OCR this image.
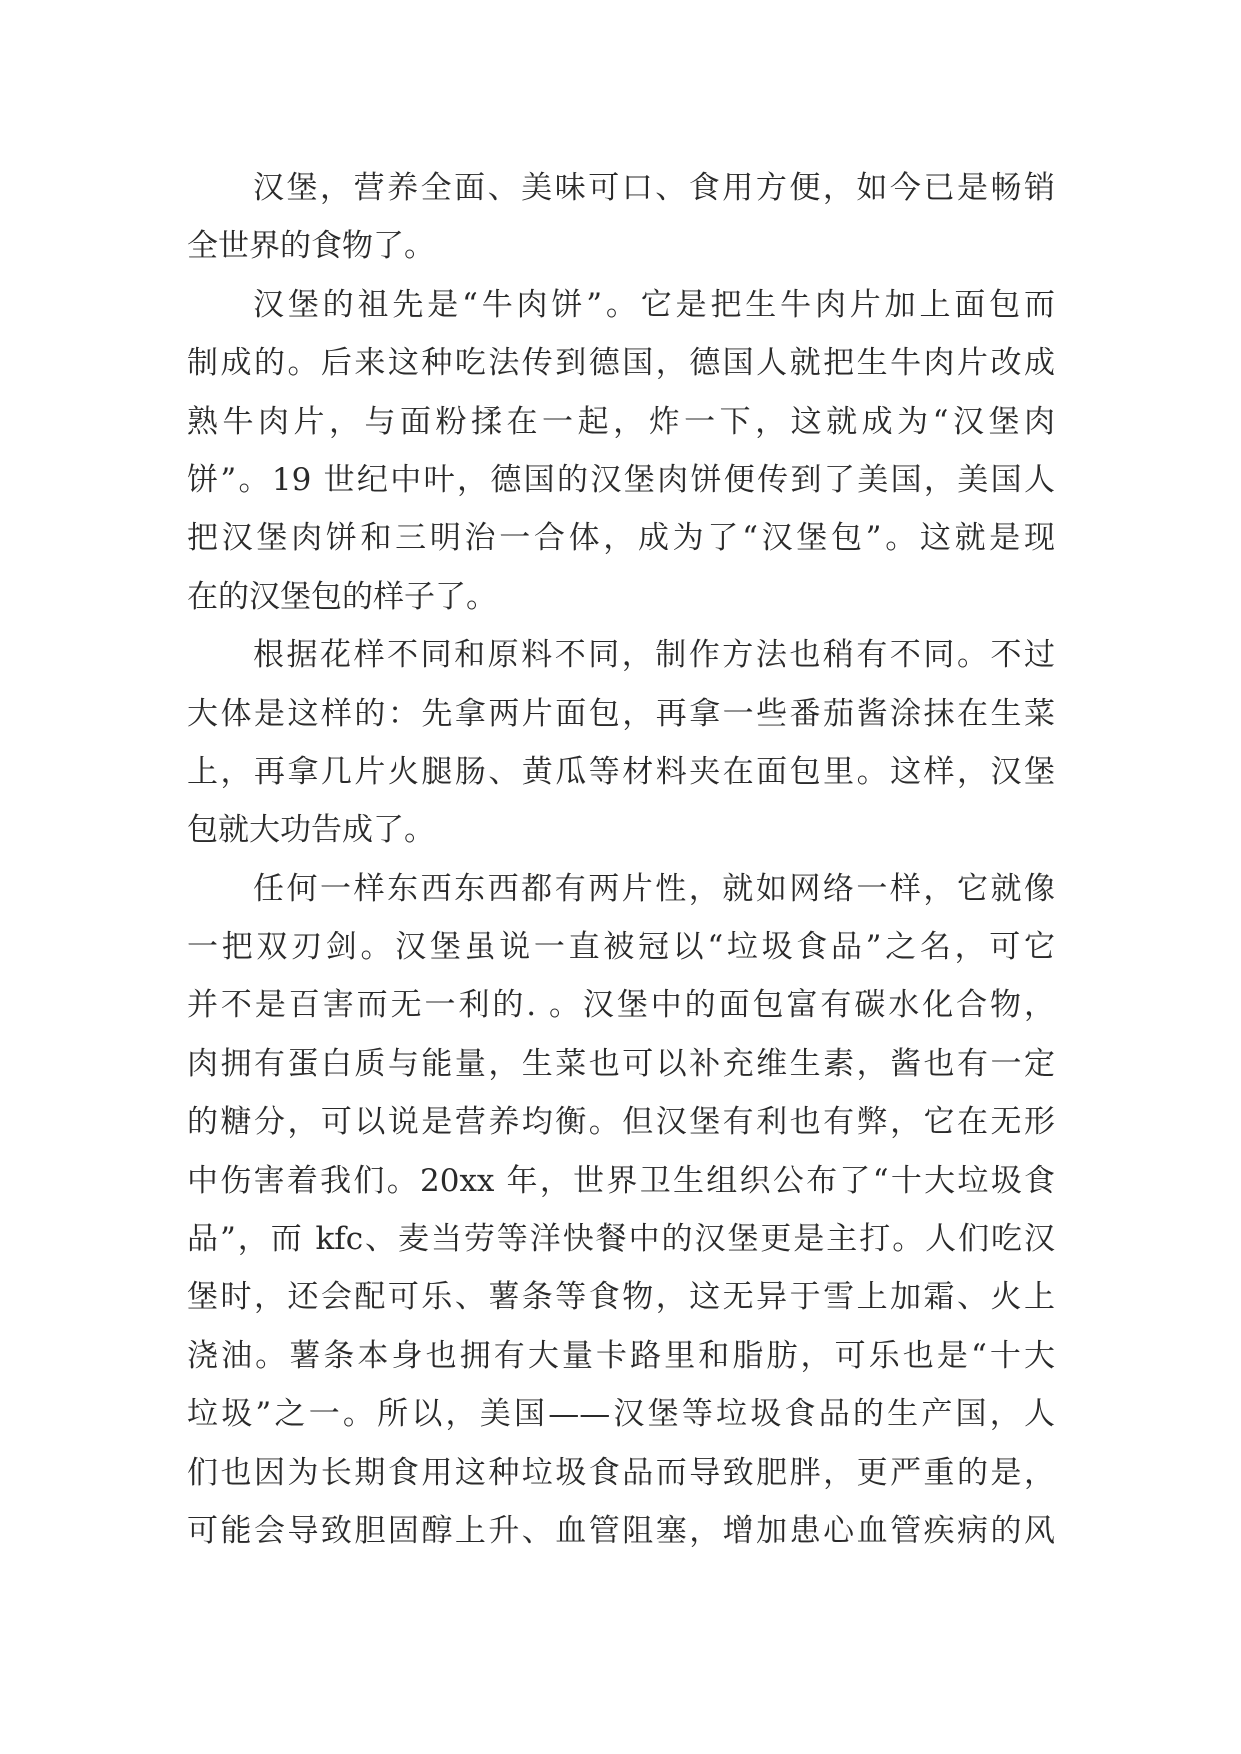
汉堡，营养全面、美味可口、食用方便，如今已是畅销
全世界的食物了。
汉堡的祖先是“牛肉饼”。它是把生牛肉片加上面包而
制成的。后来这种吃法传到德国，德国人就把生牛肉片改成
熟牛肉片，与面粉揉在一起，炸一下，这就成为“汉堡肉
饼”。19 世纪中叶，德国的汉堡肉饼便传到了美国，美国人
把汉堡肉饼和三明治一合体，成为了“汉堡包”。这就是现
在的汉堡包的样子了。
根据花样不同和原料不同，制作方法也稍有不同。不过
大体是这样的：先拿两片面包，再拿一些番茄酱涂抹在生菜
上，再拿几片火腿肠、黄瓜等材料夹在面包里。这样，汉堡
包就大功告成了。
任何一样东西东西都有两片性，就如网络一样，它就像
一把双刃剑。汉堡虽说一直被冠以“垃圾食品”之名，可它
并不是百害而无一利的. 。汉堡中的面包富有碳水化合物，
肉拥有蛋白质与能量，生菜也可以补充维生素，酱也有一定
的糖分，可以说是营养均衡。但汉堡有利也有弊，它在无形
中伤害着我们。20xx 年，世界卫生组织公布了“十大垃圾食
品”，而 kfc、麦当劳等洋快餐中的汉堡更是主打。人们吃汉
堡时，还会配可乐、薯条等食物，这无异于雪上加霜、火上
浇油。薯条本身也拥有大量卡路里和脂肪，可乐也是“十大
垃圾”之一。所以，美国——汉堡等垃圾食品的生产国，人
们也因为长期食用这种垃圾食品而导致肥胖，更严重的是，
可能会导致胆固醇上升、血管阻塞，增加患心血管疾病的风
